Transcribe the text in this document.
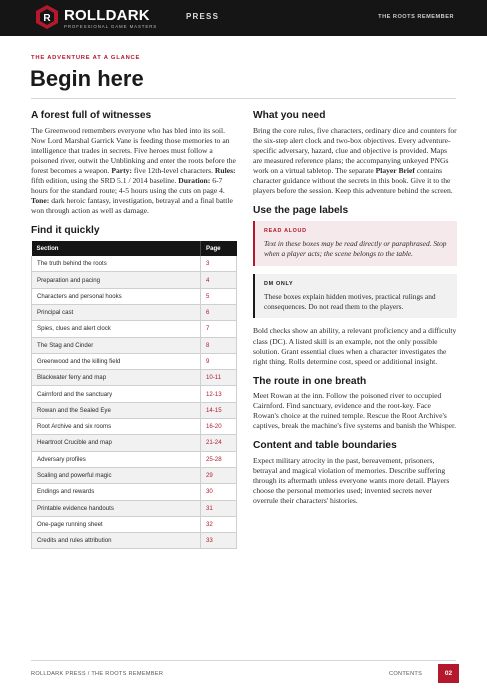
R ROLLDARK
PROFESSIONAL GAME MASTERS
PRESS	THE ROOTS REMEMBER
THE ADVENTURE AT A GLANCE
Begin here
A forest full of witnesses

The Greenwood remembers everyone who has bled into its soil. Now Lord Marshal Garrick Vane is feeding those memories to an intelligence that trades in secrets. Five heroes must follow a poisoned river, outwit the Unblinking and enter the roots before the forest becomes a weapon. Party: five 12th-level characters. Rules: fifth edition, using the SRD 5.1 / 2014 baseline. Duration: 6-7 hours for the standard route; 4-5 hours using the cuts on page 4. Tone: dark heroic fantasy, investigation, betrayal and a final battle won through action as well as damage.

Find it quickly
Section	Page
The truth behind the roots	3
Preparation and pacing	4
Characters and personal hooks	5
Principal cast	6
Spies, clues and alert clock	7
The Stag and Cinder	8
Greenwood and the killing field	9
Blackwater ferry and map	10-11
Cairnford and the sanctuary	12-13
Rowan and the Sealed Eye	14-15
Root Archive and six rooms	16-20
Heartroot Crucible and map	21-24
Adversary profiles	25-28
Scaling and powerful magic	29
Endings and rewards	30
Printable evidence handouts	31
One-page running sheet	32
Credits and rules attribution	33
What you need

Bring the core rules, five characters, ordinary dice and counters for the six-step alert clock and two-box objectives. Every adventure-specific adversary, hazard, clue and objective is provided. Maps are measured reference plans; the accompanying unkeyed PNGs work on a virtual tabletop. The separate Player Brief contains character guidance without the secrets in this book. Give it to the players before the session. Keep this adventure behind the screen.

Use the page labels
READ ALOUD

Text in these boxes may be read directly or paraphrased. Stop when a player acts; the scene belongs to the table.

DM ONLY

These boxes explain hidden motives, practical rulings and consequences. Do not read them to the players.

Bold checks show an ability, a relevant proficiency and a difficulty class (DC). A listed skill is an example, not the only possible solution. Grant essential clues when a character investigates the right thing. Rolls determine cost, speed or additional insight.

The route in one breath

Meet Rowan at the inn. Follow the poisoned river to occupied Cairnford. Find sanctuary, evidence and the root-key. Face Rowan's choice at the ruined temple. Rescue the Root Archive's captives, break the machine's five systems and banish the Whisper.

Content and table boundaries

Expect military atrocity in the past, bereavement, prisoners, betrayal and magical violation of memories. Describe suffering through its aftermath unless everyone wants more detail. Players choose the personal memories used; invented secrets never overrule their characters' histories.

ROLLDARK PRESS / THE ROOTS REMEMBER	CONTENTS	02
